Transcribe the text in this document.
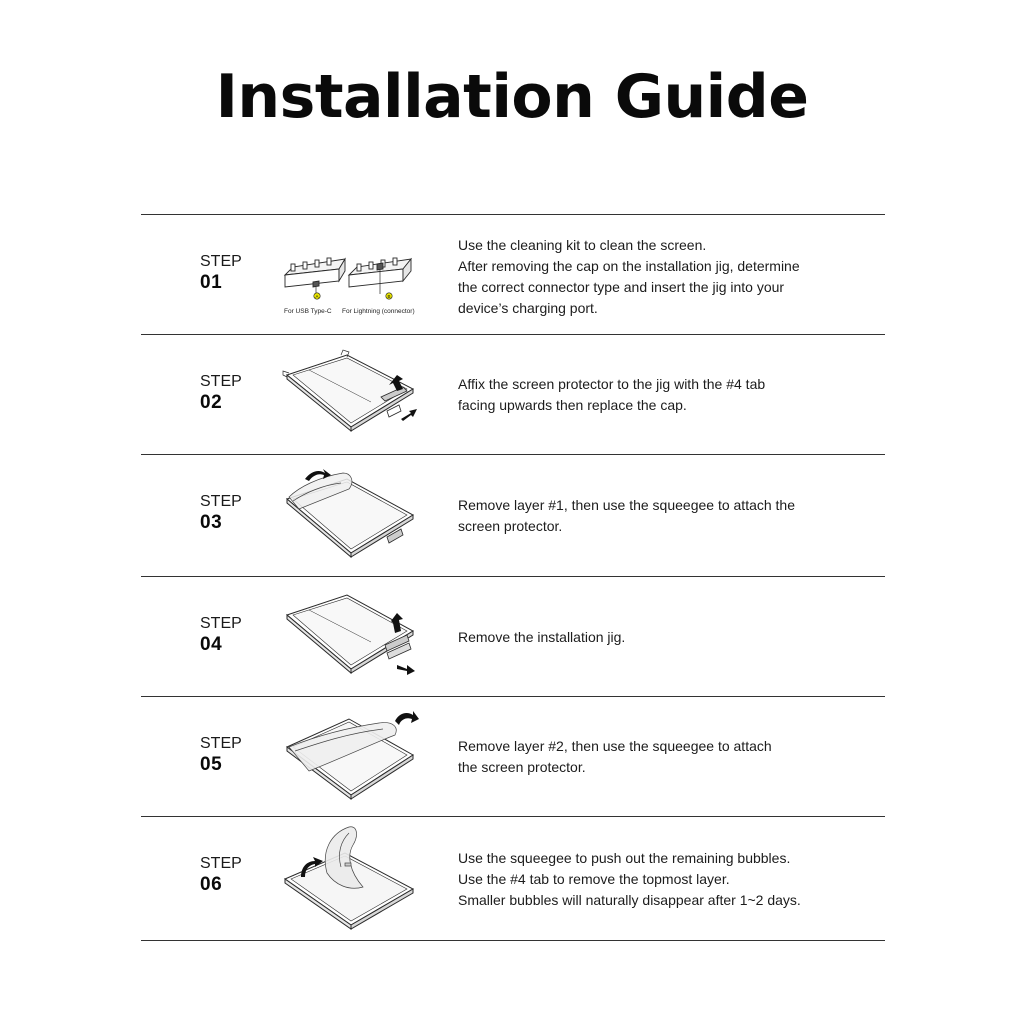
Installation Guide
STEP
01
A
For USB Type-C
B
For Lightning (connector)
Use the cleaning kit to clean the screen.
After removing the cap on the installation jig, determine
the correct connector type and insert the jig into your
device’s charging port.
STEP
02
Affix the screen protector to the jig with the #4 tab
facing upwards then replace the cap.
STEP
03
Remove layer #1, then use the squeegee to attach the
screen protector.
STEP
04	Remove the installation jig.
STEP
05
Remove layer #2, then use the squeegee to attach
the screen protector.
STEP
06
Use the squeegee to push out the remaining bubbles.
Use the #4 tab to remove the topmost layer.
Smaller bubbles will naturally disappear after 1~2 days.
